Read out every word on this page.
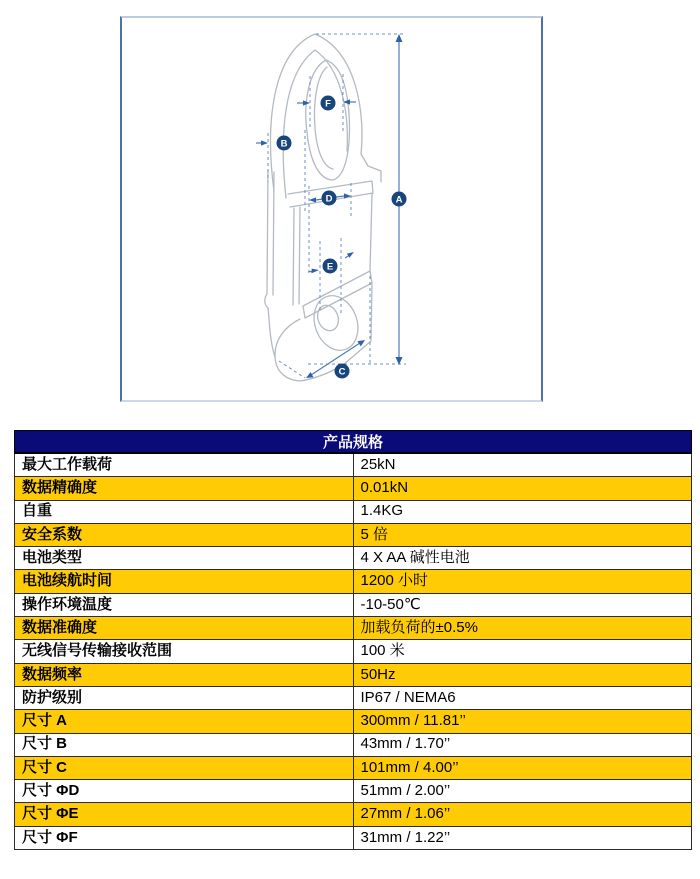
F
B
D	A
E
C
产品规格	
最大工作载荷	25kN
数据精确度	0.01kN
自重	1.4KG
安全系数	5 倍
电池类型	4 X AA 碱性电池
电池续航时间	1200 小时
操作环境温度	-10-50℃
数据准确度	加载负荷的±0.5%
无线信号传输接收范围	100 米
数据频率	50Hz
防护级别	IP67 / NEMA6
尺寸 A	300mm / 11.81’’
尺寸 B	43mm / 1.70’’
尺寸 C	101mm / 4.00’’
尺寸 ΦD	51mm / 2.00’’
尺寸 ΦE	27mm / 1.06’’
尺寸 ΦF	31mm / 1.22’’
